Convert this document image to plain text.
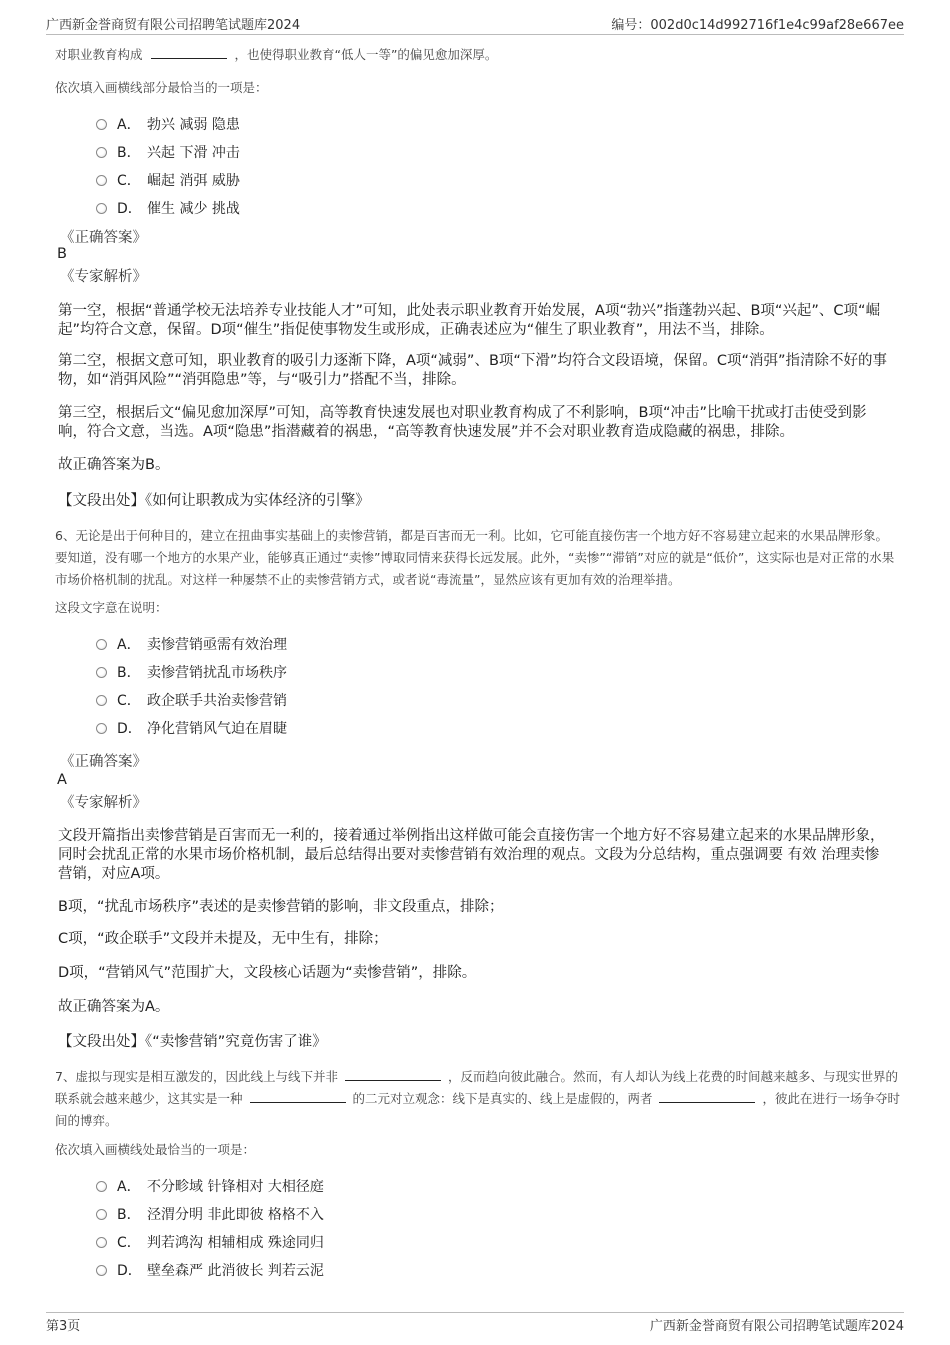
广西新金誉商贸有限公司招聘笔试题库2024	编号：002d0c14d992716f1e4c99af28e667ee
对职业教育构成	，也使得职业教育“低人一等”的偏见愈加深厚。
依次填入画横线部分最恰当的一项是：
A． 勃兴 减弱 隐患
B． 兴起 下滑 冲击
C． 崛起 消弭 威胁
D． 催生 减少 挑战
《正确答案》
B
《专家解析》
第一空，根据“普通学校无法培养专业技能人才”可知，此处表示职业教育开始发展，A项“勃兴”指蓬勃兴起、B项“兴起”、C项“崛起”均符合文意，保留。D项“催生”指促使事物发生或形成，正确表述应为“催生了职业教育”，用法不当，排除。
第二空，根据文意可知，职业教育的吸引力逐渐下降，A项“减弱”、B项“下滑”均符合文段语境，保留。C项“消弭”指清除不好的事物，如“消弭风险”“消弭隐患”等，与“吸引力”搭配不当，排除。
第三空，根据后文“偏见愈加深厚”可知，高等教育快速发展也对职业教育构成了不利影响，B项“冲击”比喻干扰或打击使受到影响，符合文意，当选。A项“隐患”指潜藏着的祸患，“高等教育快速发展”并不会对职业教育造成隐藏的祸患，排除。
故正确答案为B。
【文段出处】《如何让职教成为实体经济的引擎》
6、无论是出于何种目的，建立在扭曲事实基础上的卖惨营销，都是百害而无一利。比如，它可能直接伤害一个地方好不容易建立起来的水果品牌形象。要知道，没有哪一个地方的水果产业，能够真正通过“卖惨”博取同情来获得长远发展。此外，“卖惨”“滞销”对应的就是“低价”，这实际也是对正常的水果市场价格机制的扰乱。对这样一种屡禁不止的卖惨营销方式，或者说“毒流量”，显然应该有更加有效的治理举措。
这段文字意在说明：
A． 卖惨营销亟需有效治理
B． 卖惨营销扰乱市场秩序
C． 政企联手共治卖惨营销
D． 净化营销风气迫在眉睫
《正确答案》
A
《专家解析》
文段开篇指出卖惨营销是百害而无一利的，接着通过举例指出这样做可能会直接伤害一个地方好不容易建立起来的水果品牌形象，同时会扰乱正常的水果市场价格机制，最后总结得出要对卖惨营销有效治理的观点。文段为分总结构，重点强调要 有效 治理卖惨营销，对应A项。
B项，“扰乱市场秩序”表述的是卖惨营销的影响，非文段重点，排除；
C项，“政企联手”文段并未提及，无中生有，排除；
D项，“营销风气”范围扩大，文段核心话题为“卖惨营销”，排除。
故正确答案为A。
【文段出处】《“卖惨营销”究竟伤害了谁》
7、虚拟与现实是相互激发的，因此线上与线下并非	，反而趋向彼此融合。然而，有人却认为线上花费的时间越来越多、与现实世界的联系就会越来越少，这其实是一种	的二元对立观念：线下是真实的、线上是虚假的，两者	，彼此在进行一场争夺时间的博弈。
依次填入画横线处最恰当的一项是：
A． 不分畛域 针锋相对 大相径庭
B． 泾渭分明 非此即彼 格格不入
C． 判若鸿沟 相辅相成 殊途同归
D． 壁垒森严 此消彼长 判若云泥
第3页	广西新金誉商贸有限公司招聘笔试题库2024
